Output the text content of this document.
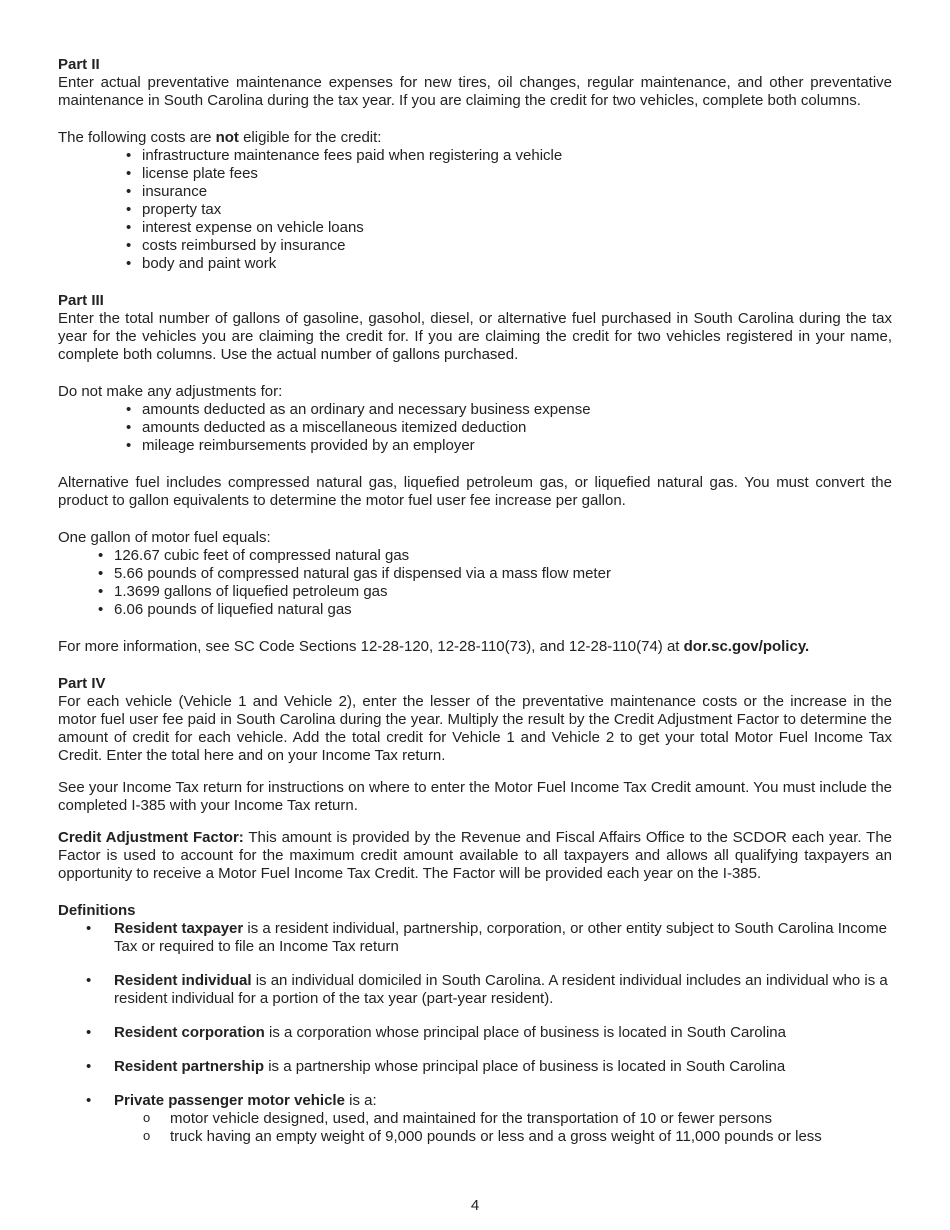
Part II

Enter actual preventative maintenance expenses for new tires, oil changes, regular maintenance, and other preventative maintenance in South Carolina during the tax year. If you are claiming the credit for two vehicles, complete both columns.

The following costs are not eligible for the credit:

• infrastructure maintenance fees paid when registering a vehicle
• license plate fees
• insurance
• property tax
• interest expense on vehicle loans
• costs reimbursed by insurance
• body and paint work
Part III

Enter the total number of gallons of gasoline, gasohol, diesel, or alternative fuel purchased in South Carolina during the tax year for the vehicles you are claiming the credit for. If you are claiming the credit for two vehicles registered in your name, complete both columns. Use the actual number of gallons purchased.

Do not make any adjustments for:

• amounts deducted as an ordinary and necessary business expense
• amounts deducted as a miscellaneous itemized deduction
• mileage reimbursements provided by an employer

Alternative fuel includes compressed natural gas, liquefied petroleum gas, or liquefied natural gas. You must convert the product to gallon equivalents to determine the motor fuel user fee increase per gallon.

One gallon of motor fuel equals:

• 126.67 cubic feet of compressed natural gas
• 5.66 pounds of compressed natural gas if dispensed via a mass flow meter
• 1.3699 gallons of liquefied petroleum gas
• 6.06 pounds of liquefied natural gas

For more information, see SC Code Sections 12-28-120, 12-28-110(73), and 12-28-110(74) at dor.sc.gov/policy.

Part IV

For each vehicle (Vehicle 1 and Vehicle 2), enter the lesser of the preventative maintenance costs or the increase in the motor fuel user fee paid in South Carolina during the year. Multiply the result by the Credit Adjustment Factor to determine the amount of credit for each vehicle. Add the total credit for Vehicle 1 and Vehicle 2 to get your total Motor Fuel Income Tax Credit. Enter the total here and on your Income Tax return.

See your Income Tax return for instructions on where to enter the Motor Fuel Income Tax Credit amount. You must include the completed I-385 with your Income Tax return.

Credit Adjustment Factor: This amount is provided by the Revenue and Fiscal Affairs Office to the SCDOR each year. The Factor is used to account for the maximum credit amount available to all taxpayers and allows all qualifying taxpayers an opportunity to receive a Motor Fuel Income Tax Credit. The Factor will be provided each year on the I-385.

Definitions
• Resident taxpayer is a resident individual, partnership, corporation, or other entity subject to South Carolina Income Tax or required to file an Income Tax return
• Resident individual is an individual domiciled in South Carolina. A resident individual includes an individual who is a resident individual for a portion of the tax year (part-year resident).
• Resident corporation is a corporation whose principal place of business is located in South Carolina
• Resident partnership is a partnership whose principal place of business is located in South Carolina
• Private passenger motor vehicle is a:
o motor vehicle designed, used, and maintained for the transportation of 10 or fewer persons
o truck having an empty weight of 9,000 pounds or less and a gross weight of 11,000 pounds or less
4
